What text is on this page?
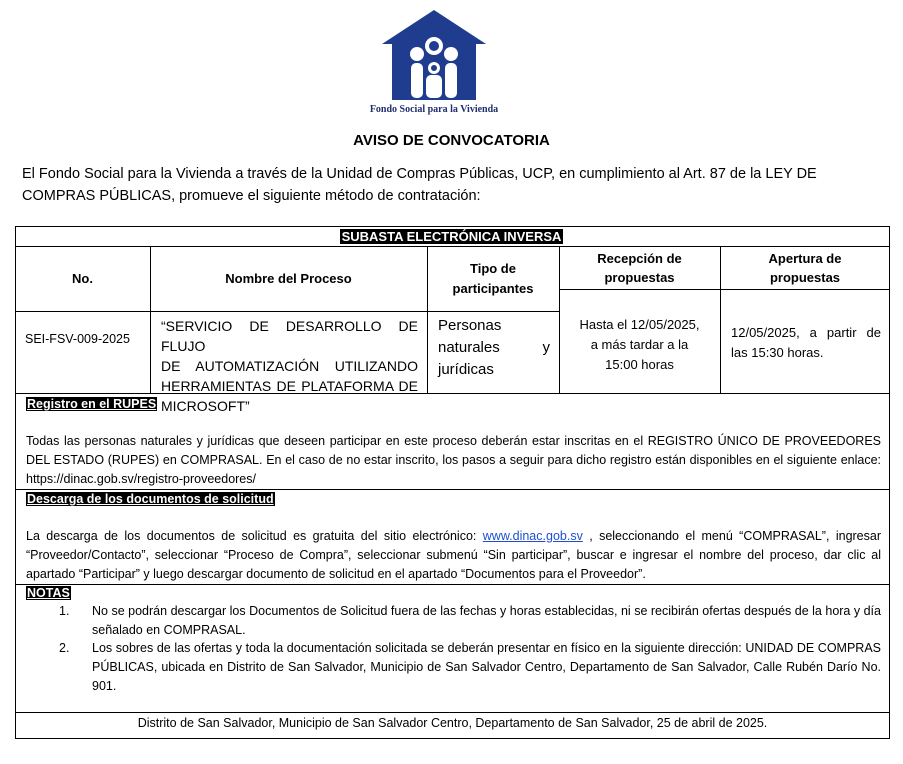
Fondo Social para la Vivienda
AVISO DE CONVOCATORIA
El Fondo Social para la Vivienda a través de la Unidad de Compras Públicas, UCP, en cumplimiento al Art. 87 de la LEY DE COMPRAS PÚBLICAS, promueve el siguiente método de contratación:
SUBASTA ELECTRÓNICA INVERSA
No.	Nombre del Proceso
Tipo de
participantes
Recepción de
propuestas
Apertura de
propuestas
SEI-FSV-009-2025
“SERVICIO DE DESARROLLO DE FLUJO
DE AUTOMATIZACIÓN UTILIZANDO
HERRAMIENTAS DE PLATAFORMA DE
MICROSOFT”
Personas
naturales	y
jurídicas
Hasta el 12/05/2025,
a más tardar a la
15:00 horas
12/05/2025, a partir de
las 15:30 horas.
Registro en el RUPES
Todas las personas naturales y jurídicas que deseen participar en este proceso deberán estar inscritas en el REGISTRO ÚNICO DE PROVEEDORES DEL ESTADO (RUPES) en COMPRASAL. En el caso de no estar inscrito, los pasos a seguir para dicho registro están disponibles en el siguiente enlace: https://dinac.gob.sv/registro-proveedores/
Descarga de los documentos de solicitud
La descarga de los documentos de solicitud es gratuita del sitio electrónico: www.dinac.gob.sv , seleccionando el menú “COMPRASAL”, ingresar “Proveedor/Contacto”, seleccionar “Proceso de Compra”, seleccionar submenú “Sin participar”, buscar e ingresar el nombre del proceso, dar clic al apartado “Participar” y luego descargar documento de solicitud en el apartado “Documentos para el Proveedor”.
NOTAS
1. No se podrán descargar los Documentos de Solicitud fuera de las fechas y horas establecidas, ni se recibirán ofertas después de la hora y día señalado en COMPRASAL.
2. Los sobres de las ofertas y toda la documentación solicitada se deberán presentar en físico en la siguiente dirección: UNIDAD DE COMPRAS PÚBLICAS, ubicada en Distrito de San Salvador, Municipio de San Salvador Centro, Departamento de San Salvador, Calle Rubén Darío No. 901.
Distrito de San Salvador, Municipio de San Salvador Centro, Departamento de San Salvador, 25 de abril de 2025.
